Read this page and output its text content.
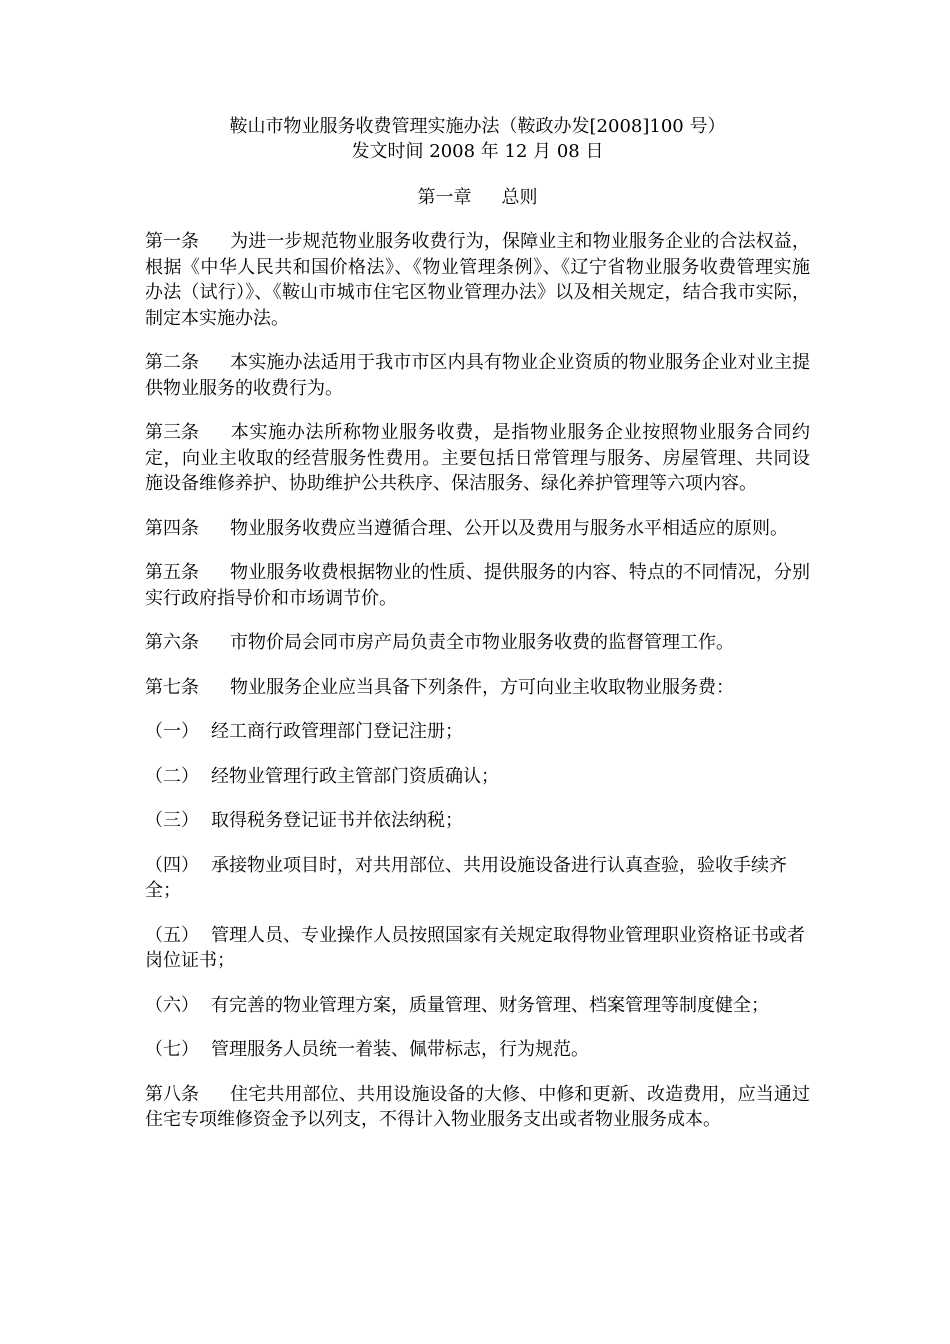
鞍山市物业服务收费管理实施办法（鞍政办发[2008]100 号）
发文时间 2008 年 12 月 08 日
第一章 总则

第一条 为进一步规范物业服务收费行为，保障业主和物业服务企业的合法权益，根据《中华人民共和国价格法》、《物业管理条例》、《辽宁省物业服务收费管理实施办法（试行）》、《鞍山市城市住宅区物业管理办法》以及相关规定，结合我市实际，制定本实施办法。

第二条 本实施办法适用于我市市区内具有物业企业资质的物业服务企业对业主提供物业服务的收费行为。

第三条 本实施办法所称物业服务收费，是指物业服务企业按照物业服务合同约定，向业主收取的经营服务性费用。主要包括日常管理与服务、房屋管理、共同设施设备维修养护、协助维护公共秩序、保洁服务、绿化养护管理等六项内容。

第四条 物业服务收费应当遵循合理、公开以及费用与服务水平相适应的原则。

第五条 物业服务收费根据物业的性质、提供服务的内容、特点的不同情况，分别实行政府指导价和市场调节价。

第六条 市物价局会同市房产局负责全市物业服务收费的监督管理工作。

第七条 物业服务企业应当具备下列条件，方可向业主收取物业服务费：

（一） 经工商行政管理部门登记注册；

（二） 经物业管理行政主管部门资质确认；

（三） 取得税务登记证书并依法纳税；

（四） 承接物业项目时，对共用部位、共用设施设备进行认真查验，验收手续齐全；

（五） 管理人员、专业操作人员按照国家有关规定取得物业管理职业资格证书或者岗位证书；

（六） 有完善的物业管理方案，质量管理、财务管理、档案管理等制度健全；

（七） 管理服务人员统一着装、佩带标志，行为规范。

第八条 住宅共用部位、共用设施设备的大修、中修和更新、改造费用，应当通过住宅专项维修资金予以列支，不得计入物业服务支出或者物业服务成本。
